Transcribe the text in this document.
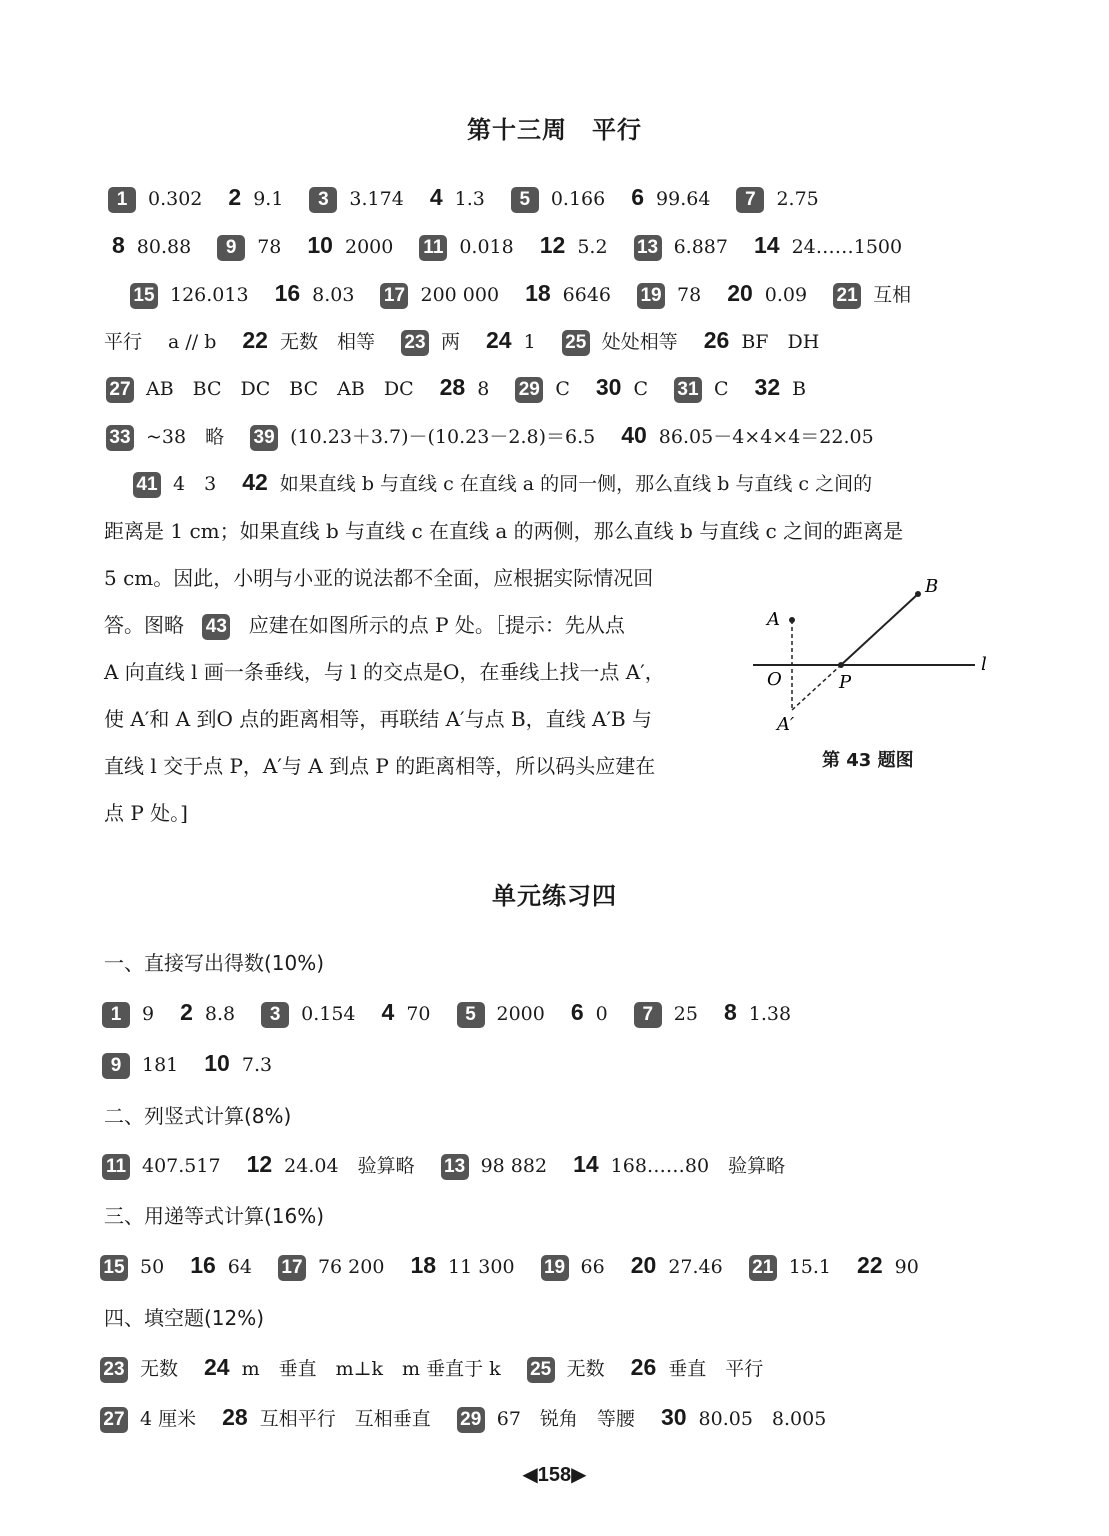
第十三周　平行
1 0.302 2 9.1 3 3.174 4 1.3 5 0.166 6 99.64 7 2.75
8 80.88 9 78 10 2000 11 0.018 12 5.2 13 6.887 14 24……1500
15 126.013 16 8.03 17 200 000 18 6646 19 78 20 0.09 21 互相
平行 a // b 22 无数　相等 23 两 24 1 25 处处相等 26 BF　DH
27 AB　BC　DC　BC　AB　DC 28 8 29 C 30 C 31 C 32 B
33 ~38　略 39 (10.23＋3.7)－(10.23－2.8)＝6.5 40 86.05－4×4×4＝22.05
41 4　3 42 如果直线 b 与直线 c 在直线 a 的同一侧，那么直线 b 与直线 c 之间的
距离是 1 cm；如果直线 b 与直线 c 在直线 a 的两侧，那么直线 b 与直线 c 之间的距离是
5 cm。因此，小明与小亚的说法都不全面，应根据实际情况回
答。图略 43 应建在如图所示的点 P 处。［提示：先从点
A 向直线 l 画一条垂线，与 l 的交点是O，在垂线上找一点 A′，
使 A′和 A 到O 点的距离相等，再联结 A′与点 B，直线 A′B 与
直线 l 交于点 P，A′与 A 到点 P 的距离相等，所以码头应建在
点 P 处。]
A
B
O	P
A′
l
第 43 题图
单元练习四
一、直接写出得数(10%)
1 9 2 8.8 3 0.154 4 70 5 2000 6 0 7 25 8 1.38
9 181 10 7.3
二、列竖式计算(8%)
11 407.517 12 24.04　验算略 13 98 882 14 168……80　验算略
三、用递等式计算(16%)
15 50 16 64 17 76 200 18 11 300 19 66 20 27.46 21 15.1 22 90
四、填空题(12%)
23 无数 24 m　垂直　m⊥k　m 垂直于 k 25 无数 26 垂直　平行
27 4 厘米 28 互相平行　互相垂直 29 67　锐角　等腰 30 80.05　8.005
◀158▶
